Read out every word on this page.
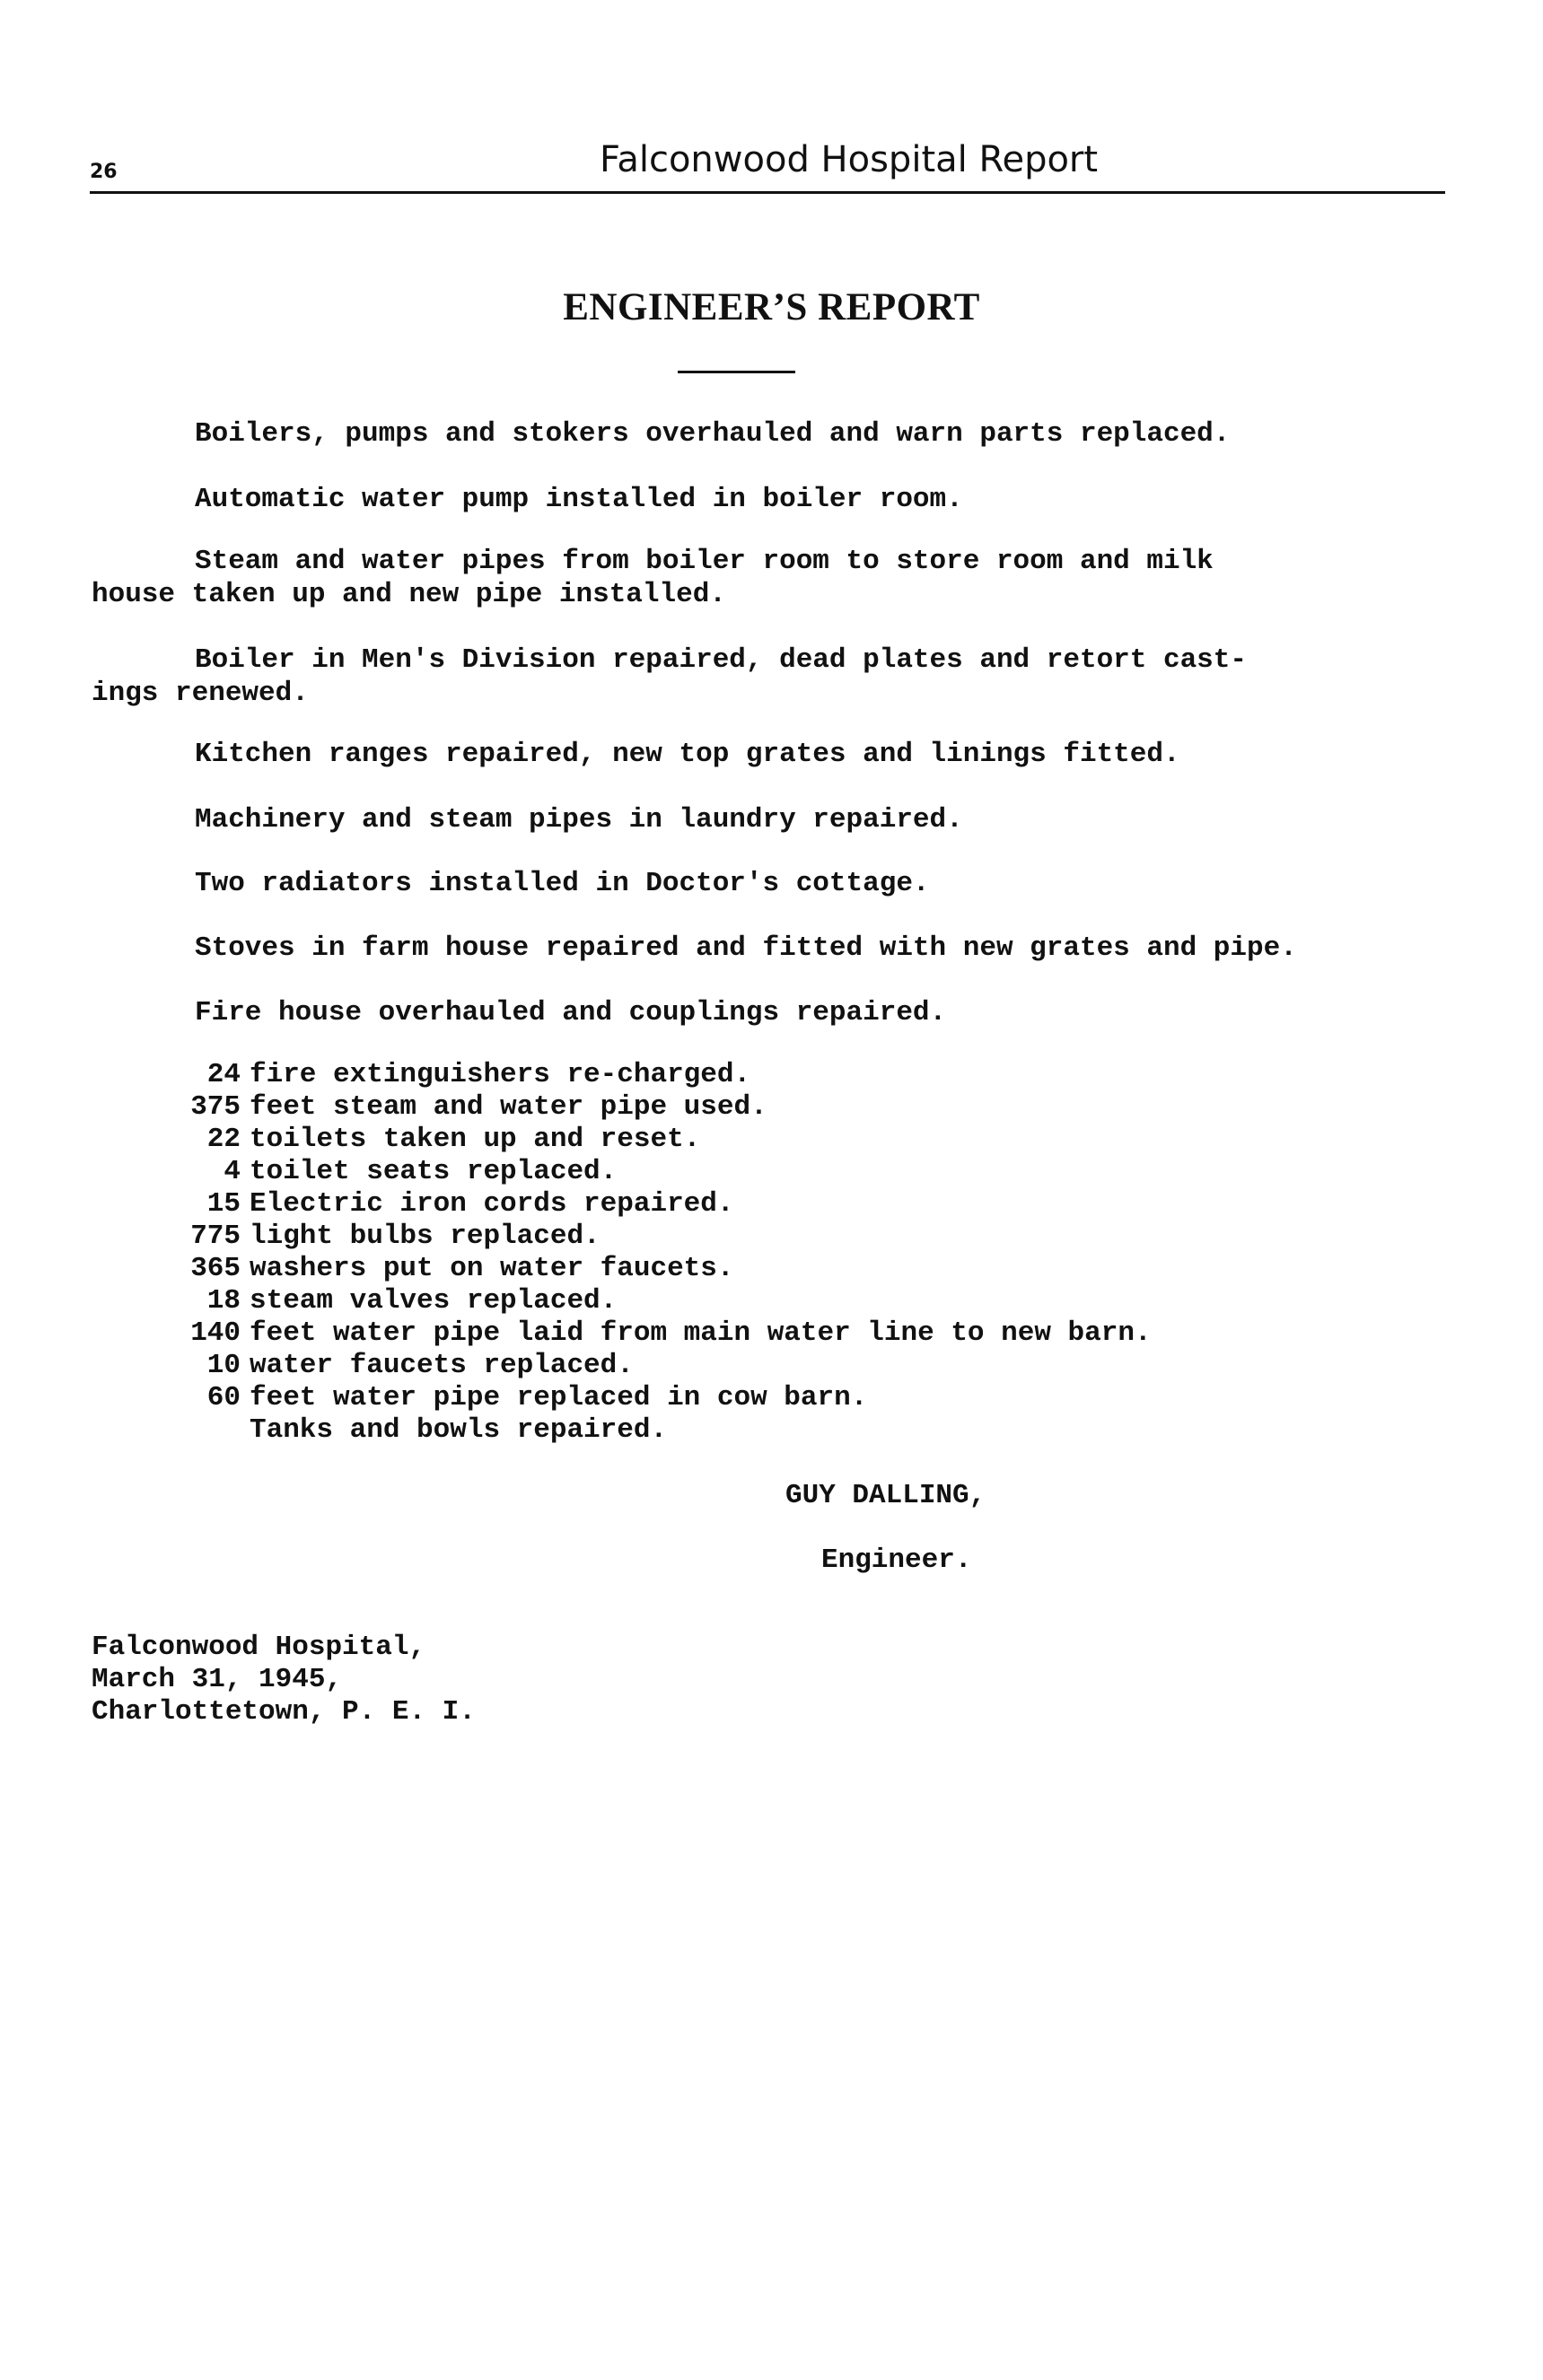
26	Falconwood Hospital Report
ENGINEER’S REPORT
Boilers, pumps and stokers overhauled and warn parts replaced.
Automatic water pump installed in boiler room.
Steam and water pipes from boiler room to store room and milk
house taken up and new pipe installed.
Boiler in Men's Division repaired, dead plates and retort cast-
ings renewed.
Kitchen ranges repaired, new top grates and linings fitted.
Machinery and steam pipes in laundry repaired.
Two radiators installed in Doctor's cottage.
Stoves in farm house repaired and fitted with new grates and pipe.
Fire house overhauled and couplings repaired.
24 fire extinguishers re-charged.
375 feet steam and water pipe used.
22 toilets taken up and reset.
4 toilet seats replaced.
15 Electric iron cords repaired.
775 light bulbs replaced.
365 washers put on water faucets.
18 steam valves replaced.
140 feet water pipe laid from main water line to new barn.
10 water faucets replaced.
60 feet water pipe replaced in cow barn.
Tanks and bowls repaired.
GUY DALLING,
Engineer.
Falconwood Hospital,
March 31, 1945,
Charlottetown, P. E. I.
